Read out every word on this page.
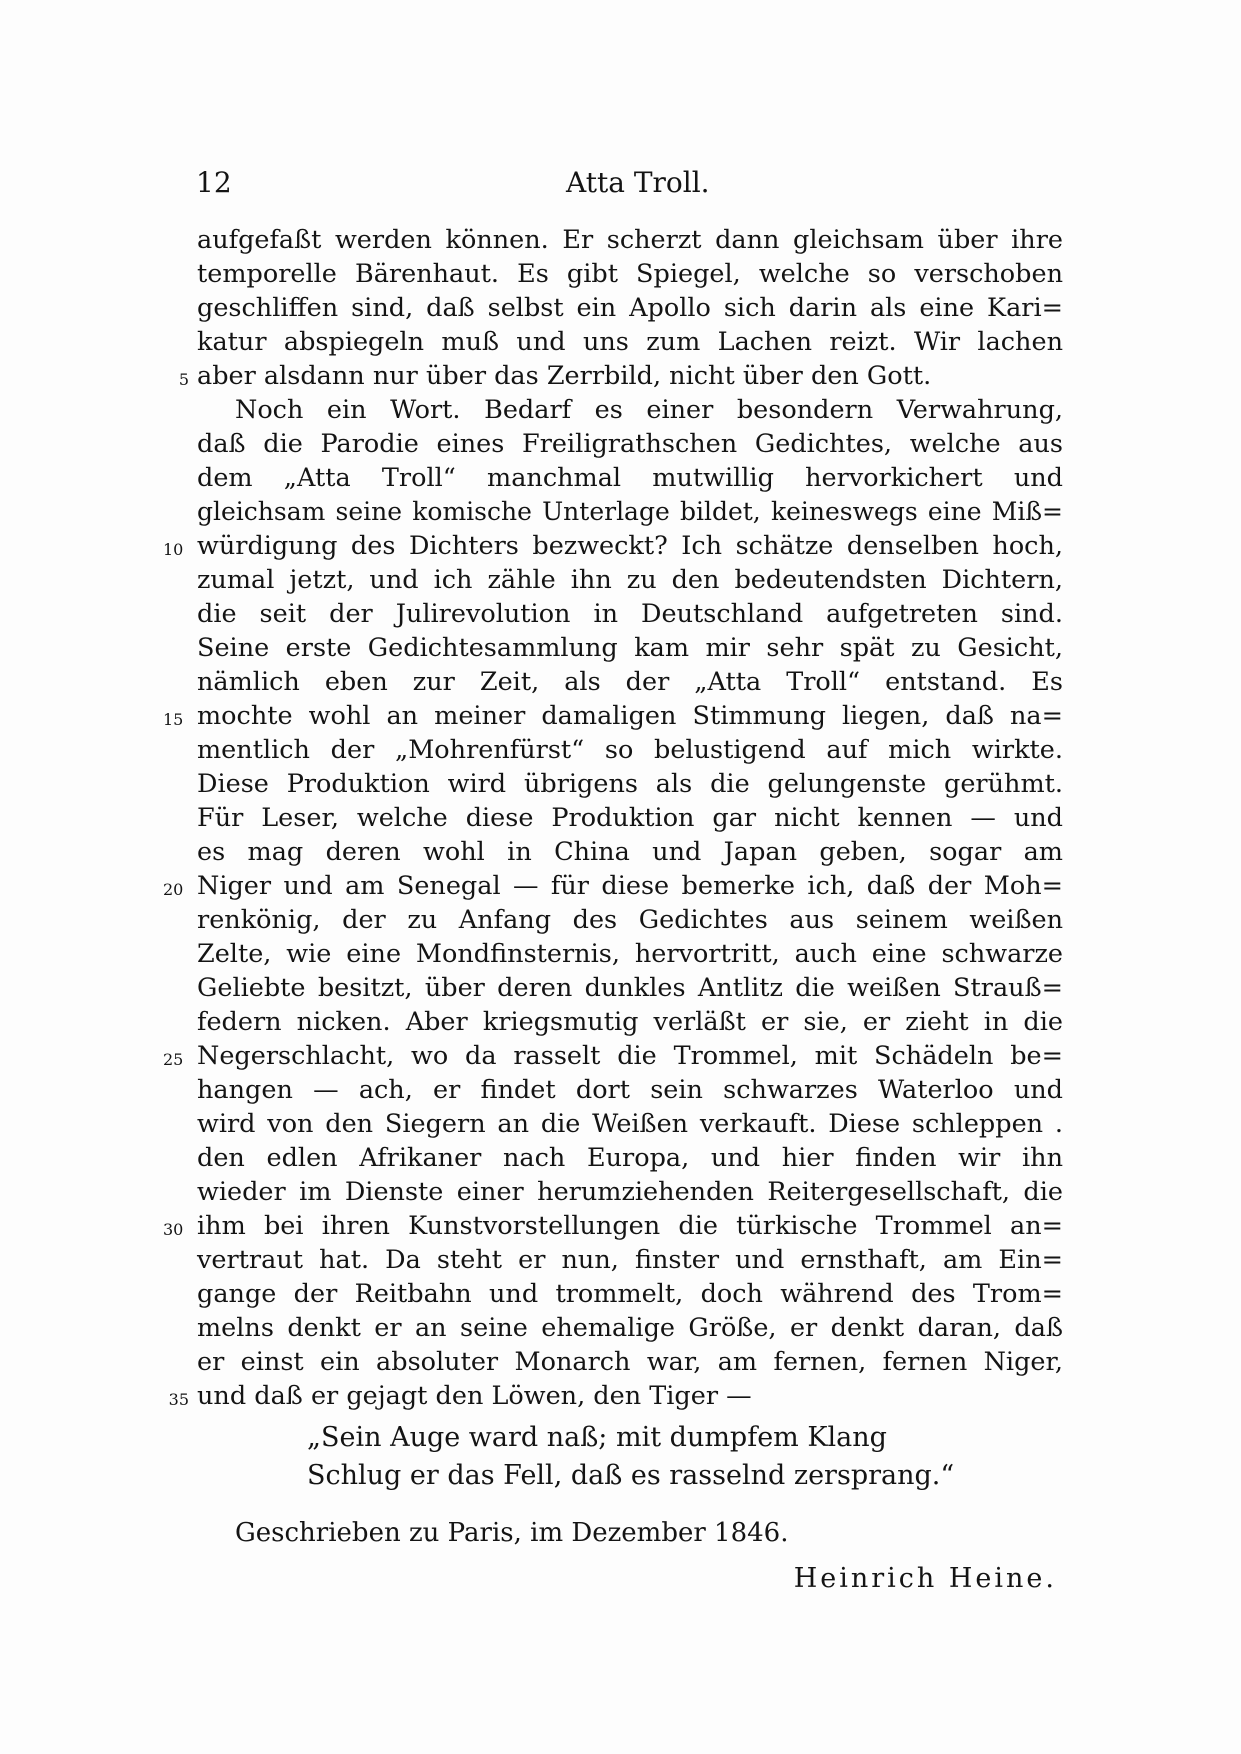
12	Atta Troll.
aufgefaßt werden können. Er scherzt dann gleichsam über ihre
temporelle Bärenhaut. Es gibt Spiegel, welche so verschoben
geschliffen sind, daß selbst ein Apollo sich darin als eine Kari=
katur abspiegeln muß und uns zum Lachen reizt. Wir lachen
5 aber alsdann nur über das Zerrbild, nicht über den Gott.
Noch ein Wort. Bedarf es einer besondern Verwahrung,
daß die Parodie eines Freiligrathschen Gedichtes, welche aus
dem „Atta Troll“ manchmal mutwillig hervorkichert und
gleichsam seine komische Unterlage bildet, keineswegs eine Miß=
10 würdigung des Dichters bezweckt? Ich schätze denselben hoch,
zumal jetzt, und ich zähle ihn zu den bedeutendsten Dichtern,
die seit der Julirevolution in Deutschland aufgetreten sind.
Seine erste Gedichtesammlung kam mir sehr spät zu Gesicht,
nämlich eben zur Zeit, als der „Atta Troll“ entstand. Es
15 mochte wohl an meiner damaligen Stimmung liegen, daß na=
mentlich der „Mohrenfürst“ so belustigend auf mich wirkte.
Diese Produktion wird übrigens als die gelungenste gerühmt.
Für Leser, welche diese Produktion gar nicht kennen — und
es mag deren wohl in China und Japan geben, sogar am
20 Niger und am Senegal — für diese bemerke ich, daß der Moh=
renkönig, der zu Anfang des Gedichtes aus seinem weißen
Zelte, wie eine Mondfinsternis, hervortritt, auch eine schwarze
Geliebte besitzt, über deren dunkles Antlitz die weißen Strauß=
federn nicken. Aber kriegsmutig verläßt er sie, er zieht in die
25 Negerschlacht, wo da rasselt die Trommel, mit Schädeln be=
hangen — ach, er findet dort sein schwarzes Waterloo und
wird von den Siegern an die Weißen verkauft. Diese schleppen .
den edlen Afrikaner nach Europa, und hier finden wir ihn
wieder im Dienste einer herumziehenden Reitergesellschaft, die
30 ihm bei ihren Kunstvorstellungen die türkische Trommel an=
vertraut hat. Da steht er nun, finster und ernsthaft, am Ein=
gange der Reitbahn und trommelt, doch während des Trom=
melns denkt er an seine ehemalige Größe, er denkt daran, daß
er einst ein absoluter Monarch war, am fernen, fernen Niger,
35 und daß er gejagt den Löwen, den Tiger —
„Sein Auge ward naß; mit dumpfem Klang
Schlug er das Fell, daß es rasselnd zersprang.“
Geschrieben zu Paris, im Dezember 1846.
Heinrich Heine.
